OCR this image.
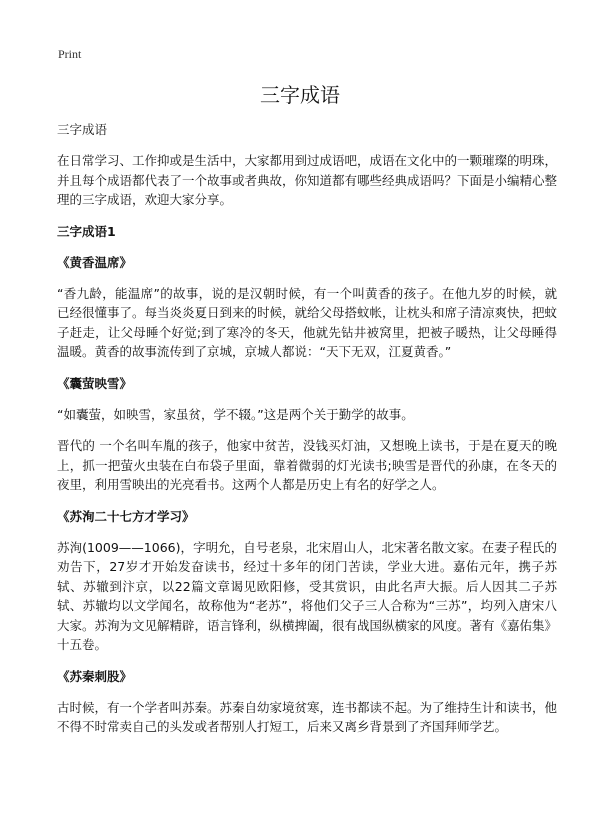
Print
三字成语
三字成语

在日常学习、工作抑或是生活中，大家都用到过成语吧，成语在文化中的一颗璀璨的明珠，并且每个成语都代表了一个故事或者典故，你知道都有哪些经典成语吗？下面是小编精心整理的三字成语，欢迎大家分享。

三字成语1
《黄香温席》

“香九龄，能温席”的故事，说的是汉朝时候，有一个叫黄香的孩子。在他九岁的时候，就已经很懂事了。每当炎炎夏日到来的时候，就给父母搭蚊帐，让枕头和席子清凉爽快，把蚊子赶走，让父母睡个好觉;到了寒冷的冬天，他就先钻井被窝里，把被子暖热，让父母睡得温暖。黄香的故事流传到了京城，京城人都说：“天下无双，江夏黄香。”

《囊萤映雪》

“如囊萤，如映雪，家虽贫，学不辍。”这是两个关于勤学的故事。

晋代的 一个名叫车胤的孩子，他家中贫苦，没钱买灯油，又想晚上读书，于是在夏天的晚上，抓一把萤火虫装在白布袋子里面，靠着微弱的灯光读书;映雪是晋代的孙康，在冬天的夜里，利用雪映出的光亮看书。这两个人都是历史上有名的好学之人。

《苏洵二十七方才学习》

苏洵(1009——1066)，字明允，自号老泉，北宋眉山人，北宋著名散文家。在妻子程氏的劝告下，27岁才开始发奋读书，经过十多年的闭门苦读，学业大进。嘉佑元年，携子苏轼、苏辙到汴京，以22篇文章谒见欧阳修，受其赏识，由此名声大振。后人因其二子苏轼、苏辙均以文学闻名，故称他为“老苏”，将他们父子三人合称为“三苏”，均列入唐宋八大家。苏洵为文见解精辟，语言锋利，纵横捭阖，很有战国纵横家的风度。著有《嘉佑集》十五卷。

《苏秦刺股》

古时候，有一个学者叫苏秦。苏秦自幼家境贫寒，连书都读不起。为了维持生计和读书，他不得不时常卖自己的头发或者帮别人打短工，后来又离乡背景到了齐国拜师学艺。
